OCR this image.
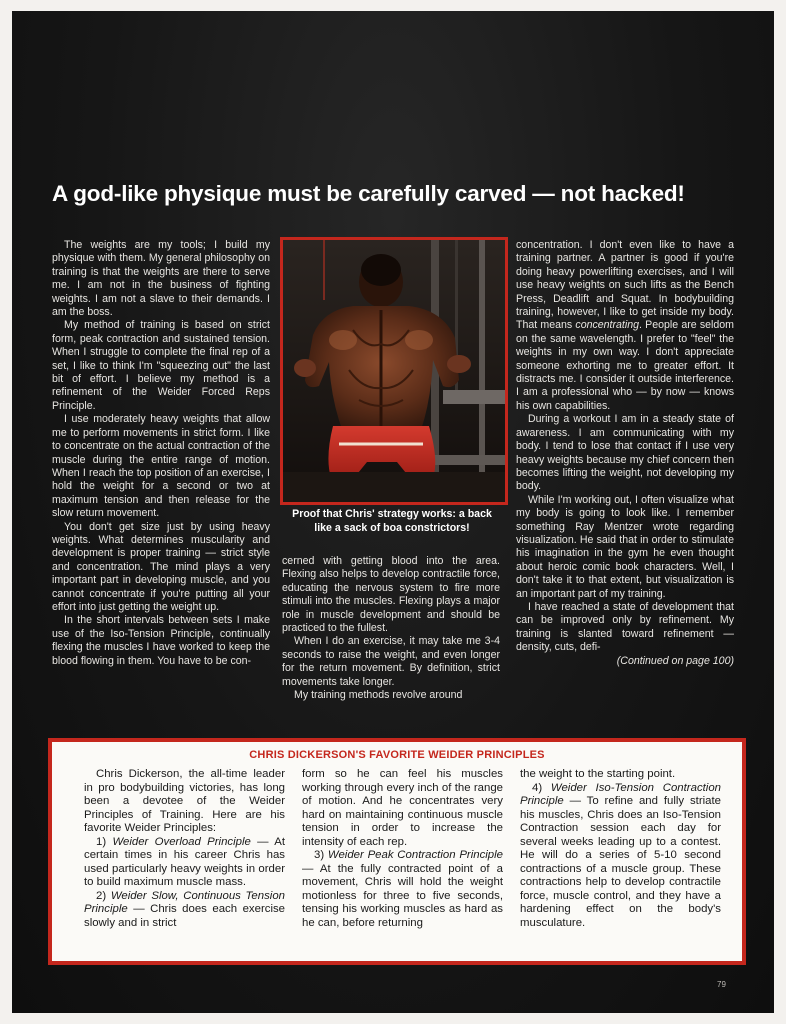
A god-like physique must be carefully carved — not hacked!

The weights are my tools; I build my physique with them. My general philosophy on training is that the weights are there to serve me. I am not in the business of fighting weights. I am not a slave to their demands. I am the boss.

My method of training is based on strict form, peak contraction and sustained tension. When I struggle to complete the final rep of a set, I like to think I'm "squeezing out" the last bit of effort. I believe my method is a refinement of the Weider Forced Reps Principle.

I use moderately heavy weights that allow me to perform movements in strict form. I like to concentrate on the actual contraction of the muscle during the entire range of motion. When I reach the top position of an exercise, I hold the weight for a second or two at maximum tension and then release for the slow return movement.

You don't get size just by using heavy weights. What determines muscularity and development is proper training — strict style and concentration. The mind plays a very important part in developing muscle, and you cannot concentrate if you're putting all your effort into just getting the weight up.

In the short intervals between sets I make use of the Iso-Tension Principle, continually flexing the muscles I have worked to keep the blood flowing in them. You have to be con-

Proof that Chris' strategy works: a back like a sack of boa constrictors!

cerned with getting blood into the area. Flexing also helps to develop contractile force, educating the nervous system to fire more stimuli into the muscles. Flexing plays a major role in muscle development and should be practiced to the fullest.

When I do an exercise, it may take me 3-4 seconds to raise the weight, and even longer for the return movement. By definition, strict movements take longer.

My training methods revolve around

concentration. I don't even like to have a training partner. A partner is good if you're doing heavy powerlifting exercises, and I will use heavy weights on such lifts as the Bench Press, Deadlift and Squat. In bodybuilding training, however, I like to get inside my body. That means concentrating. People are seldom on the same wavelength. I prefer to "feel" the weights in my own way. I don't appreciate someone exhorting me to greater effort. It distracts me. I consider it outside interference. I am a professional who — by now — knows his own capabilities.

During a workout I am in a steady state of awareness. I am communicating with my body. I tend to lose that contact if I use very heavy weights because my chief concern then becomes lifting the weight, not developing my body.

While I'm working out, I often visualize what my body is going to look like. I remember something Ray Mentzer wrote regarding visualization. He said that in order to stimulate his imagination in the gym he even thought about heroic comic book characters. Well, I don't take it to that extent, but visualization is an important part of my training.

I have reached a state of development that can be improved only by refinement. My training is slanted toward refinement — density, cuts, defi-

(Continued on page 100)

CHRIS DICKERSON'S FAVORITE WEIDER PRINCIPLES

Chris Dickerson, the all-time leader in pro bodybuilding victories, has long been a devotee of the Weider Principles of Training. Here are his favorite Weider Principles:

1) Weider Overload Principle — At certain times in his career Chris has used particularly heavy weights in order to build maximum muscle mass.

2) Weider Slow, Continuous Tension Principle — Chris does each exercise slowly and in strict

form so he can feel his muscles working through every inch of the range of motion. And he concentrates very hard on maintaining continuous muscle tension in order to increase the intensity of each rep.

3) Weider Peak Contraction Principle — At the fully contracted point of a movement, Chris will hold the weight motionless for three to five seconds, tensing his working muscles as hard as he can, before returning

the weight to the starting point.

4) Weider Iso-Tension Contraction Principle — To refine and fully striate his muscles, Chris does an Iso-Tension Contraction session each day for several weeks leading up to a contest. He will do a series of 5-10 second contractions of a muscle group. These contractions help to develop contractile force, muscle control, and they have a hardening effect on the body's musculature.

79
